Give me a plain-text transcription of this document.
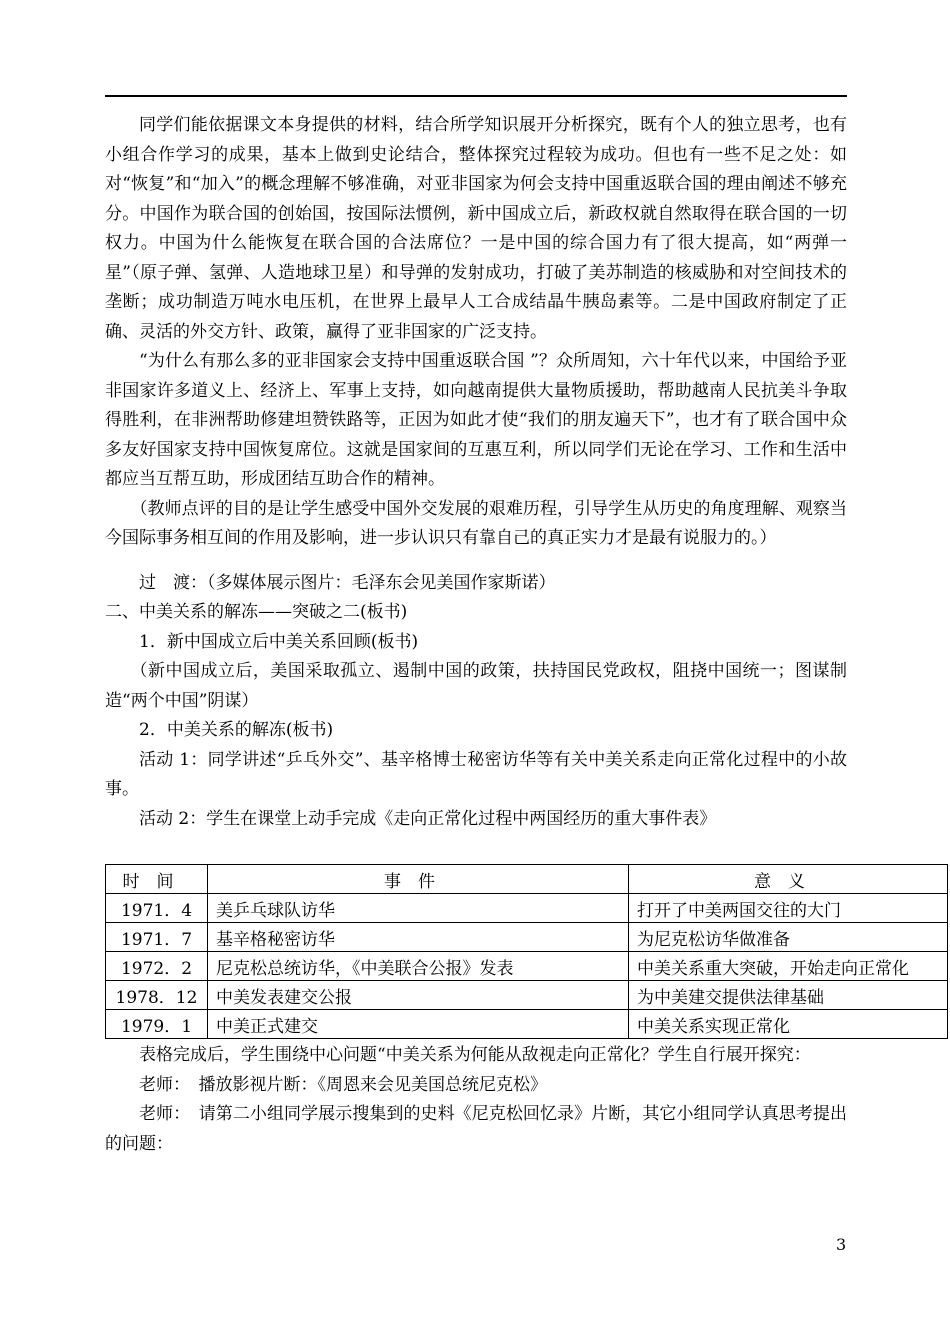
同学们能依据课文本身提供的材料，结合所学知识展开分析探究，既有个人的独立思考，也有小组合作学习的成果，基本上做到史论结合，整体探究过程较为成功。但也有一些不足之处：如对“恢复”和“加入”的概念理解不够准确，对亚非国家为何会支持中国重返联合国的理由阐述不够充分。中国作为联合国的创始国，按国际法惯例，新中国成立后，新政权就自然取得在联合国的一切权力。中国为什么能恢复在联合国的合法席位？一是中国的综合国力有了很大提高，如“两弹一星”（原子弹、氢弹、人造地球卫星）和导弹的发射成功，打破了美苏制造的核威胁和对空间技术的垄断；成功制造万吨水电压机，在世界上最早人工合成结晶牛胰岛素等。二是中国政府制定了正确、灵活的外交方针、政策，赢得了亚非国家的广泛支持。

“为什么有那么多的亚非国家会支持中国重返联合国 ”？众所周知，六十年代以来，中国给予亚非国家许多道义上、经济上、军事上支持，如向越南提供大量物质援助，帮助越南人民抗美斗争取得胜利，在非洲帮助修建坦赞铁路等，正因为如此才使“我们的朋友遍天下”，也才有了联合国中众多友好国家支持中国恢复席位。这就是国家间的互惠互利，所以同学们无论在学习、工作和生活中都应当互帮互助，形成团结互助合作的精神。

（教师点评的目的是让学生感受中国外交发展的艰难历程，引导学生从历史的角度理解、观察当今国际事务相互间的作用及影响，进一步认识只有靠自己的真正实力才是最有说服力的。）

过　渡：（多媒体展示图片：毛泽东会见美国作家斯诺）

二、中美关系的解冻——突破之二(板书)

1．新中国成立后中美关系回顾(板书)

（新中国成立后，美国采取孤立、遏制中国的政策，扶持国民党政权，阻挠中国统一；图谋制造“两个中国”阴谋）

2．中美关系的解冻(板书)

活动 1：同学讲述“乒乓外交”、基辛格博士秘密访华等有关中美关系走向正常化过程中的小故事。

活动 2：学生在课堂上动手完成《走向正常化过程中两国经历的重大事件表》

时间	事件	意义
1971．4	美乒乓球队访华	打开了中美两国交往的大门
1971．7	基辛格秘密访华	为尼克松访华做准备
1972．2	尼克松总统访华，《中美联合公报》发表	中美关系重大突破，开始走向正常化
1978．12	中美发表建交公报	为中美建交提供法律基础
1979．1	中美正式建交	中美关系实现正常化

表格完成后，学生围绕中心问题“中美关系为何能从敌视走向正常化？学生自行展开探究：

老师：　播放影视片断：《周恩来会见美国总统尼克松》

老师：　请第二小组同学展示搜集到的史料《尼克松回忆录》片断，其它小组同学认真思考提出的问题：

3
